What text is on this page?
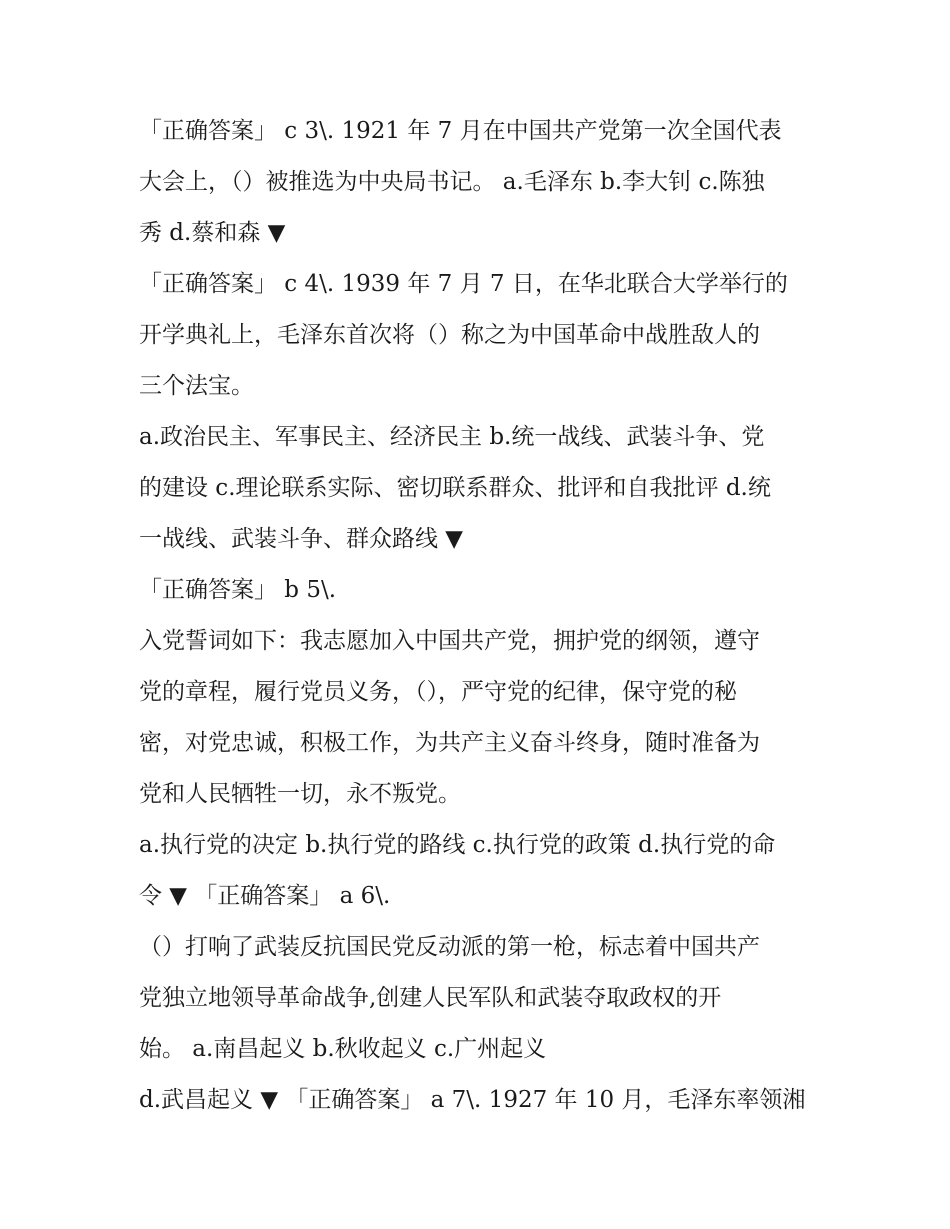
「正确答案」 c 3\. 1921 年 7 月在中国共产党第一次全国代表
大会上，（）被推选为中央局书记。 a.毛泽东 b.李大钊 c.陈独
秀 d.蔡和森 ▼
「正确答案」 c 4\. 1939 年 7 月 7 日，在华北联合大学举行的
开学典礼上，毛泽东首次将（）称之为中国革命中战胜敌人的
三个法宝。
a.政治民主、军事民主、经济民主 b.统一战线、武装斗争、党
的建设 c.理论联系实际、密切联系群众、批评和自我批评 d.统
一战线、武装斗争、群众路线 ▼
「正确答案」 b 5\.
入党誓词如下：我志愿加入中国共产党，拥护党的纲领，遵守
党的章程，履行党员义务，（），严守党的纪律，保守党的秘
密，对党忠诚，积极工作，为共产主义奋斗终身，随时准备为
党和人民牺牲一切，永不叛党。
a.执行党的决定 b.执行党的路线 c.执行党的政策 d.执行党的命
令 ▼ 「正确答案」 a 6\.
（）打响了武装反抗国民党反动派的第一枪，标志着中国共产
党独立地领导革命战争,创建人民军队和武装夺取政权的开
始。 a.南昌起义 b.秋收起义 c.广州起义
d.武昌起义 ▼ 「正确答案」 a 7\. 1927 年 10 月，毛泽东率领湘
